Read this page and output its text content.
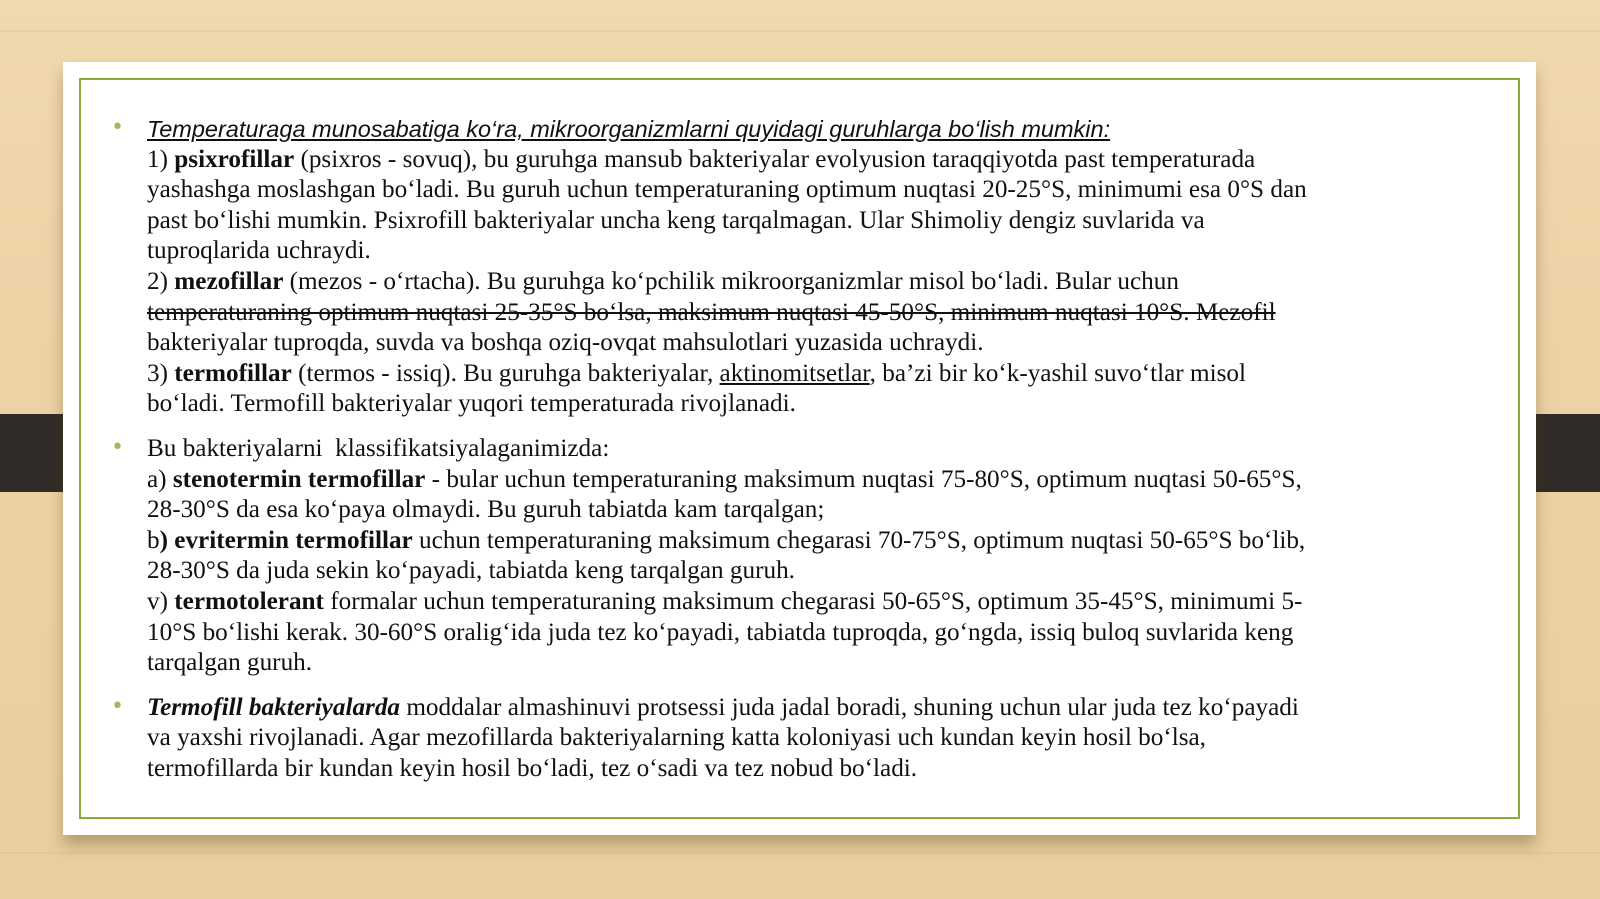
• Temperaturaga munosabatiga ko‘ra, mikroorganizmlarni quyidagi guruhlarga bo‘lish mumkin:
1) psixrofillar (psixros - sovuq), bu guruhga mansub bakteriyalar evolyusion taraqqiyotda past temperaturada
yashashga moslashgan bo‘ladi. Bu guruh uchun temperaturaning optimum nuqtasi 20-25°S, minimumi esa 0°S dan
past bo‘lishi mumkin. Psixrofill bakteriyalar uncha keng tarqalmagan. Ular Shimoliy dengiz suvlarida va
tuproqlarida uchraydi.
2) mezofillar (mezos - o‘rtacha). Bu guruhga ko‘pchilik mikroorganizmlar misol bo‘ladi. Bular uchun
temperaturaning optimum nuqtasi 25-35°S bo‘lsa, maksimum nuqtasi 45-50°S, minimum nuqtasi 10°S. Mezofil
bakteriyalar tuproqda, suvda va boshqa oziq-ovqat mahsulotlari yuzasida uchraydi.
3) termofillar (termos - issiq). Bu guruhga bakteriyalar, aktinomitsetlar, ba’zi bir ko‘k-yashil suvo‘tlar misol
bo‘ladi. Termofill bakteriyalar yuqori temperaturada rivojlanadi.
• Bu bakteriyalarni  klassifikatsiyalaganimizda:
a) stenotermin termofillar - bular uchun temperaturaning maksimum nuqtasi 75-80°S, optimum nuqtasi 50-65°S,
28-30°S da esa ko‘paya olmaydi. Bu guruh tabiatda kam tarqalgan;
b) evritermin termofillar uchun temperaturaning maksimum chegarasi 70-75°S, optimum nuqtasi 50-65°S bo‘lib,
28-30°S da juda sekin ko‘payadi, tabiatda keng tarqalgan guruh.
v) termotolerant formalar uchun temperaturaning maksimum chegarasi 50-65°S, optimum 35-45°S, minimumi 5-
10°S bo‘lishi kerak. 30-60°S oralig‘ida juda tez ko‘payadi, tabiatda tuproqda, go‘ngda, issiq buloq suvlarida keng
tarqalgan guruh.
• Termofill bakteriyalarda moddalar almashinuvi protsessi juda jadal boradi, shuning uchun ular juda tez ko‘payadi
va yaxshi rivojlanadi. Agar mezofillarda bakteriyalarning katta koloniyasi uch kundan keyin hosil bo‘lsa,
termofillarda bir kundan keyin hosil bo‘ladi, tez o‘sadi va tez nobud bo‘ladi.
